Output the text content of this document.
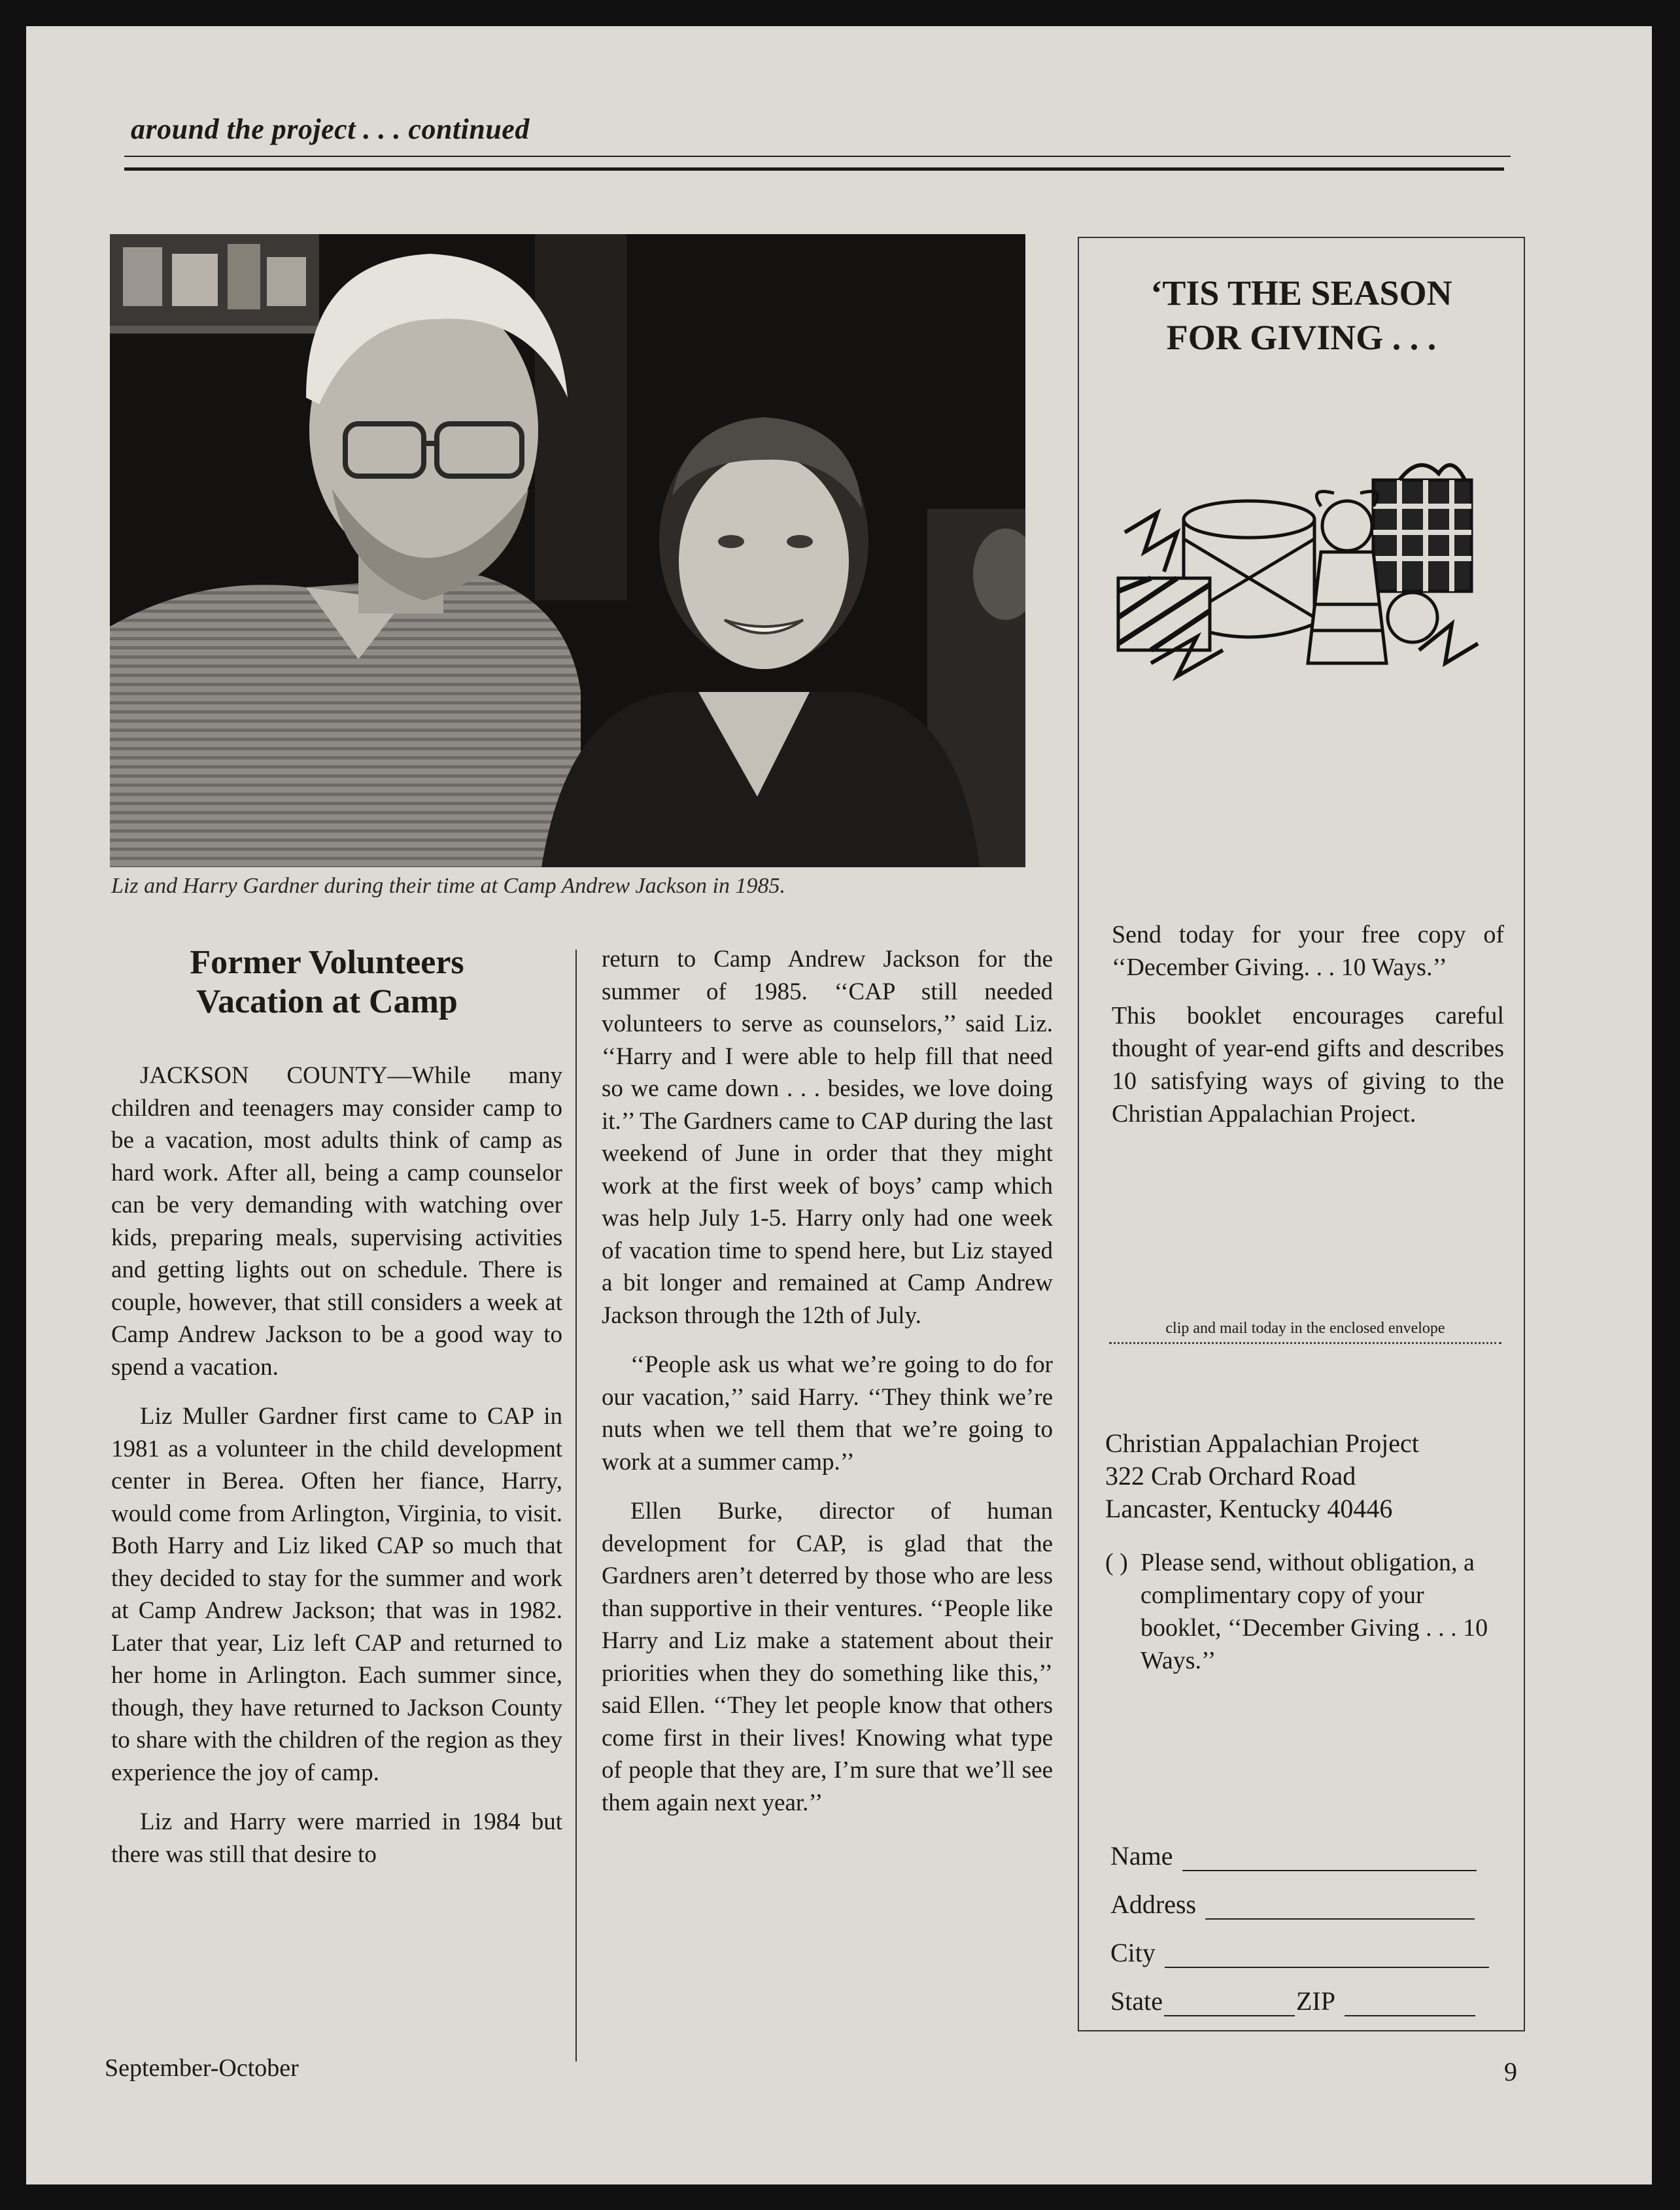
around the project . . . continued
Liz and Harry Gardner during their time at Camp Andrew Jackson in 1985.
Former Volunteers
Vacation at Camp

JACKSON COUNTY—While many children and teenagers may consider camp to be a vacation, most adults think of camp as hard work. After all, being a camp counselor can be very demanding with watching over kids, preparing meals, supervising activities and getting lights out on schedule. There is couple, however, that still considers a week at Camp Andrew Jackson to be a good way to spend a vacation.

Liz Muller Gardner first came to CAP in 1981 as a volunteer in the child development center in Berea. Often her fiance, Harry, would come from Arlington, Virginia, to visit. Both Harry and Liz liked CAP so much that they decided to stay for the summer and work at Camp Andrew Jackson; that was in 1982. Later that year, Liz left CAP and returned to her home in Arlington. Each summer since, though, they have returned to Jackson County to share with the children of the region as they experience the joy of camp.

Liz and Harry were married in 1984 but there was still that desire to

return to Camp Andrew Jackson for the summer of 1985. ‘‘CAP still needed volunteers to serve as counselors,’’ said Liz. ‘‘Harry and I were able to help fill that need so we came down . . . besides, we love doing it.’’ The Gardners came to CAP during the last weekend of June in order that they might work at the first week of boys’ camp which was help July 1-5. Harry only had one week of vacation time to spend here, but Liz stayed a bit longer and remained at Camp Andrew Jackson through the 12th of July.

‘‘People ask us what we’re going to do for our vacation,’’ said Harry. ‘‘They think we’re nuts when we tell them that we’re going to work at a summer camp.’’

Ellen Burke, director of human development for CAP, is glad that the Gardners aren’t deterred by those who are less than supportive in their ventures. ‘‘People like Harry and Liz make a statement about their priorities when they do something like this,’’ said Ellen. ‘‘They let people know that others come first in their lives! Knowing what type of people that they are, I’m sure that we’ll see them again next year.’’

‘TIS THE SEASON
FOR GIVING . . .

Send today for your free copy of ‘‘December Giving. . . 10 Ways.’’

This booklet encourages careful thought of year-end gifts and describes 10 satisfying ways of giving to the Christian Appalachian Project.

clip and mail today in the enclosed envelope
Christian Appalachian Project
322 Crab Orchard Road
Lancaster, Kentucky 40446
( ) Please send, without obligation, a complimentary copy of your booklet, ‘‘December Giving . . . 10 Ways.’’
Name
Address
City
State	ZIP
September-October	9
